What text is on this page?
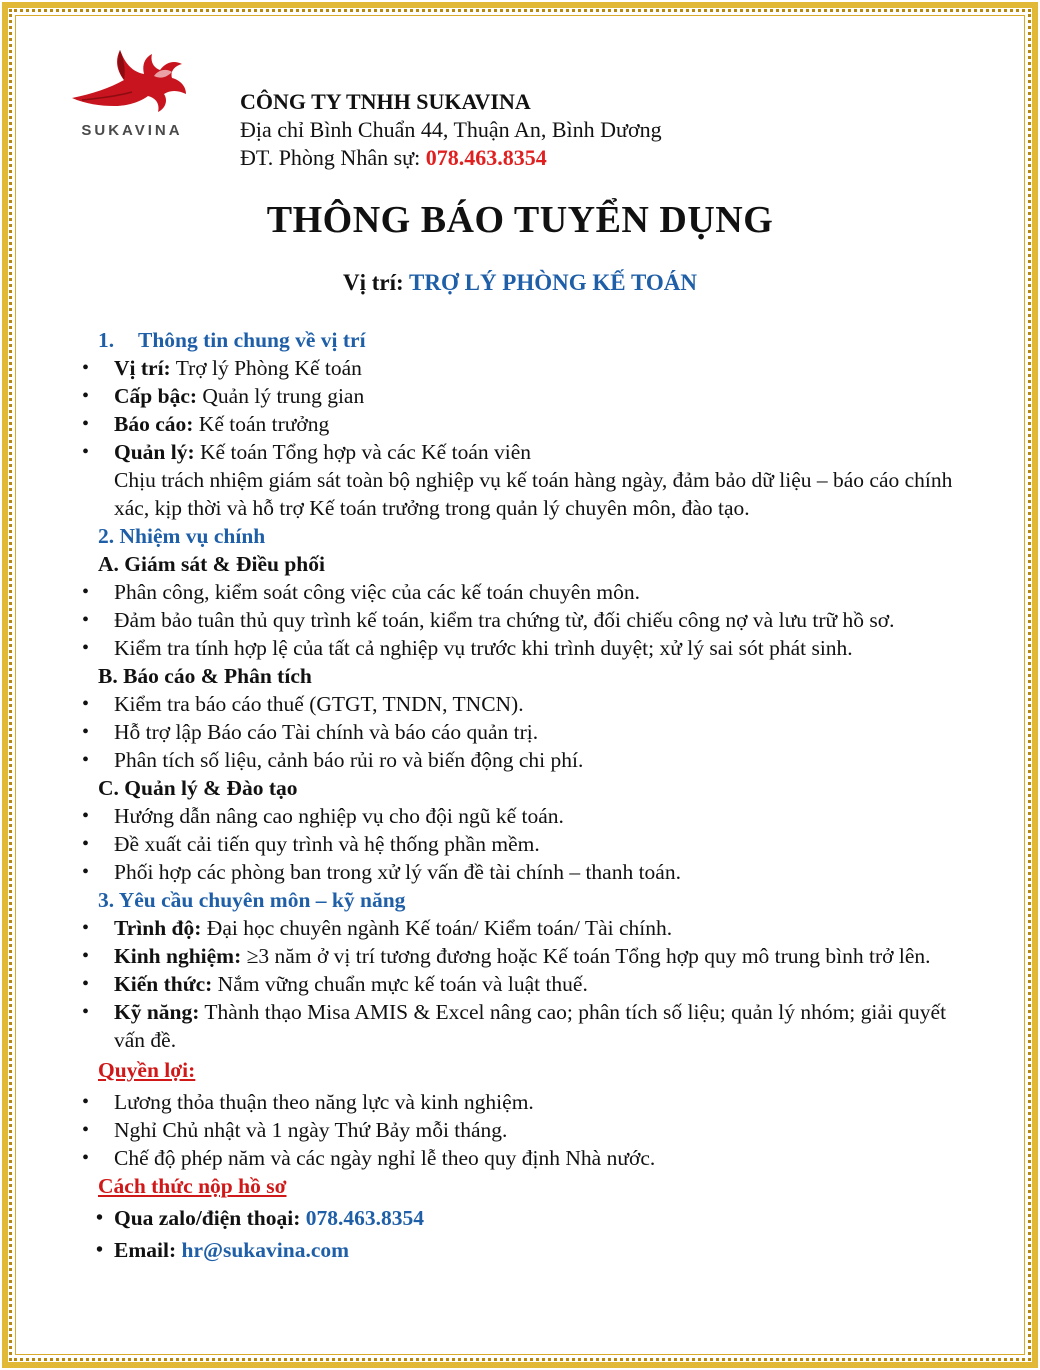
SUKAVINA
CÔNG TY TNHH SUKAVINA
Địa chỉ Bình Chuẩn 44, Thuận An, Bình Dương
ĐT. Phòng Nhân sự: 078.463.8354
THÔNG BÁO TUYỂN DỤNG
Vị trí: TRỢ LÝ PHÒNG KẾ TOÁN
1. Thông tin chung về vị trí
• Vị trí: Trợ lý Phòng Kế toán
• Cấp bậc: Quản lý trung gian
• Báo cáo: Kế toán trưởng
• Quản lý: Kế toán Tổng hợp và các Kế toán viên
Chịu trách nhiệm giám sát toàn bộ nghiệp vụ kế toán hàng ngày, đảm bảo dữ liệu – báo cáo chính xác, kịp thời và hỗ trợ Kế toán trưởng trong quản lý chuyên môn, đào tạo.
2. Nhiệm vụ chính
A. Giám sát & Điều phối
• Phân công, kiểm soát công việc của các kế toán chuyên môn.
• Đảm bảo tuân thủ quy trình kế toán, kiểm tra chứng từ, đối chiếu công nợ và lưu trữ hồ sơ.
• Kiểm tra tính hợp lệ của tất cả nghiệp vụ trước khi trình duyệt; xử lý sai sót phát sinh.
B. Báo cáo & Phân tích
• Kiểm tra báo cáo thuế (GTGT, TNDN, TNCN).
• Hỗ trợ lập Báo cáo Tài chính và báo cáo quản trị.
• Phân tích số liệu, cảnh báo rủi ro và biến động chi phí.
C. Quản lý & Đào tạo
• Hướng dẫn nâng cao nghiệp vụ cho đội ngũ kế toán.
• Đề xuất cải tiến quy trình và hệ thống phần mềm.
• Phối hợp các phòng ban trong xử lý vấn đề tài chính – thanh toán.
3. Yêu cầu chuyên môn – kỹ năng
• Trình độ: Đại học chuyên ngành Kế toán/ Kiểm toán/ Tài chính.
• Kinh nghiệm: ≥3 năm ở vị trí tương đương hoặc Kế toán Tổng hợp quy mô trung bình trở lên.
• Kiến thức: Nắm vững chuẩn mực kế toán và luật thuế.
• Kỹ năng: Thành thạo Misa AMIS & Excel nâng cao; phân tích số liệu; quản lý nhóm; giải quyết vấn đề.
Quyền lợi:
• Lương thỏa thuận theo năng lực và kinh nghiệm.
• Nghỉ Chủ nhật và 1 ngày Thứ Bảy mỗi tháng.
• Chế độ phép năm và các ngày nghỉ lễ theo quy định Nhà nước.
Cách thức nộp hồ sơ
• Qua zalo/điện thoại: 078.463.8354
• Email: hr@sukavina.com
